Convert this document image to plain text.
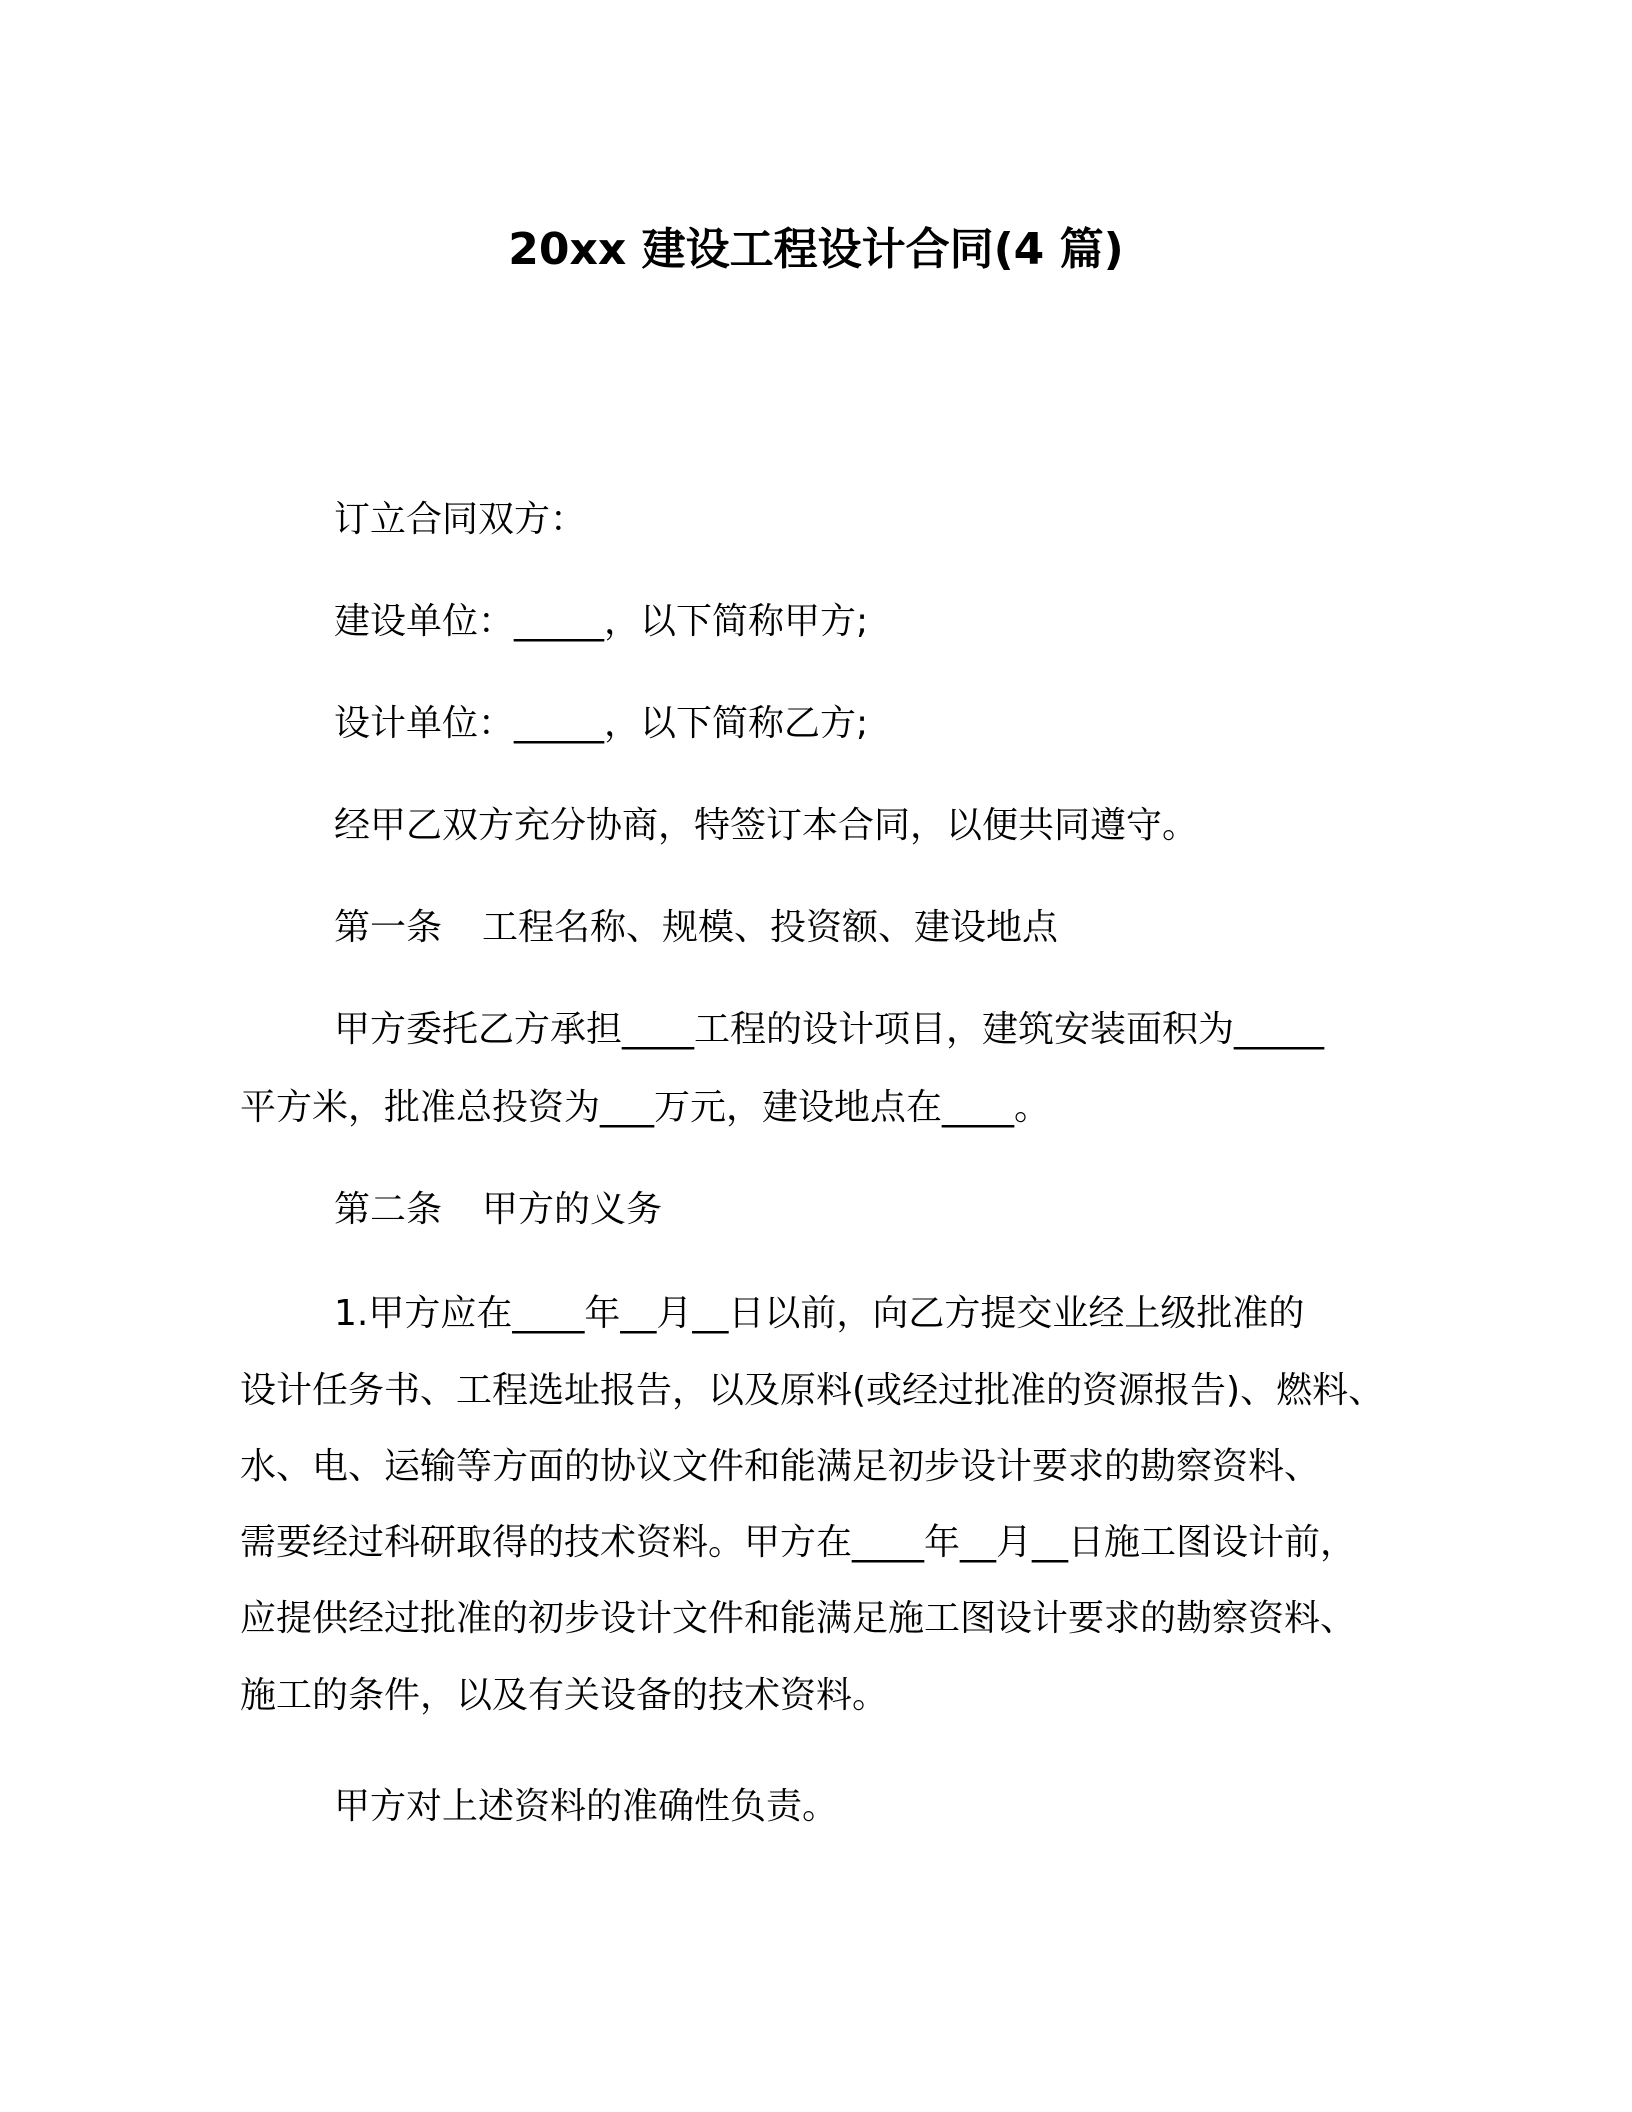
20xx 建设工程设计合同(4 篇)
订立合同双方：
建设单位：_____，以下简称甲方;
设计单位：_____，以下简称乙方;
经甲乙双方充分协商，特签订本合同，以便共同遵守。
第一条 工程名称、规模、投资额、建设地点
甲方委托乙方承担____工程的设计项目，建筑安装面积为_____
平方米，批准总投资为___万元，建设地点在____。
第二条 甲方的义务
1.甲方应在____年__月__日以前，向乙方提交业经上级批准的
设计任务书、工程选址报告，以及原料(或经过批准的资源报告)、燃料、
水、电、运输等方面的协议文件和能满足初步设计要求的勘察资料、
需要经过科研取得的技术资料。甲方在____年__月__日施工图设计前，
应提供经过批准的初步设计文件和能满足施工图设计要求的勘察资料、
施工的条件，以及有关设备的技术资料。
甲方对上述资料的准确性负责。
